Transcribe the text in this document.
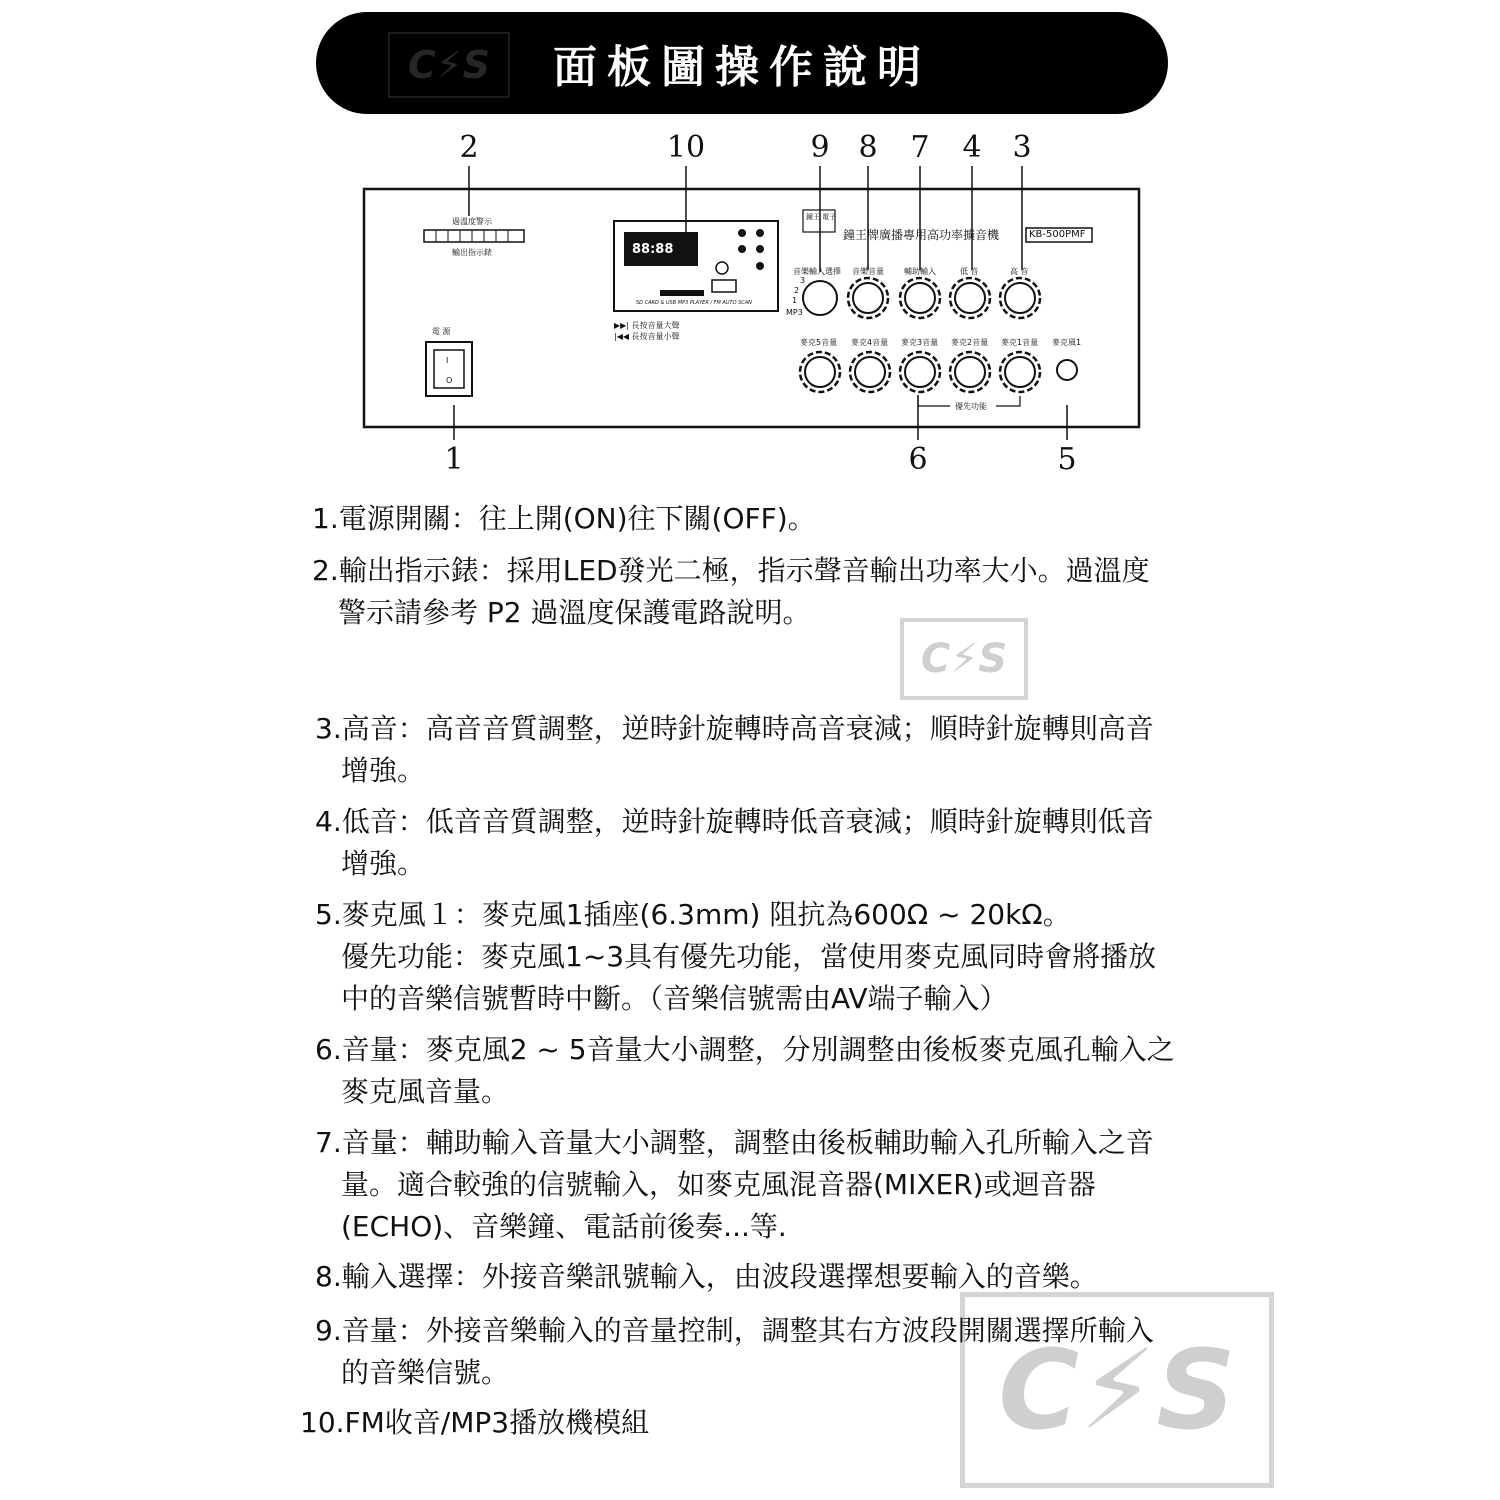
C⚡S	面板圖操作說明
2	10	9 8	7	4	3
1	6	5
過溫度警示
輸出指示錶
電 源
I
O
88:88
SD CARD & USB MP3 PLAYER / FM AUTO SCAN
▶▶| 長按音量大聲
|◀◀ 長按音量小聲
鐘王 電子
鐘王牌廣播專用高功率擴音機	KB-500PMF
音樂輸入選擇 音樂音量	輔助輸入	低 音	高 音
3
2
1
MP3
麥克5音量 麥克4音量 麥克3音量 麥克2音量 麥克1音量 麥克風1
優先功能
C⚡S
C⚡S
1.電源開關：往上開(ON)往下關(OFF)。
2.輸出指示錶：採用LED發光二極，指示聲音輸出功率大小。過溫度
警示請參考 P2 過溫度保護電路說明。
3.高音：高音音質調整，逆時針旋轉時高音衰減；順時針旋轉則高音
增強。
4.低音：低音音質調整，逆時針旋轉時低音衰減；順時針旋轉則低音
增強。
5.麥克風１：麥克風1插座(6.3mm) 阻抗為600Ω ~ 20kΩ。
優先功能：麥克風1~3具有優先功能，當使用麥克風同時會將播放
中的音樂信號暫時中斷。（音樂信號需由AV端子輸入）
6.音量：麥克風2 ~ 5音量大小調整，分別調整由後板麥克風孔輸入之
麥克風音量。
7.音量：輔助輸入音量大小調整，調整由後板輔助輸入孔所輸入之音
量。適合較強的信號輸入，如麥克風混音器(MIXER)或迴音器
(ECHO)、音樂鐘、電話前後奏...等.
8.輸入選擇：外接音樂訊號輸入，由波段選擇想要輸入的音樂。
9.音量：外接音樂輸入的音量控制，調整其右方波段開關選擇所輸入
的音樂信號。
10.FM收音/MP3播放機模組
